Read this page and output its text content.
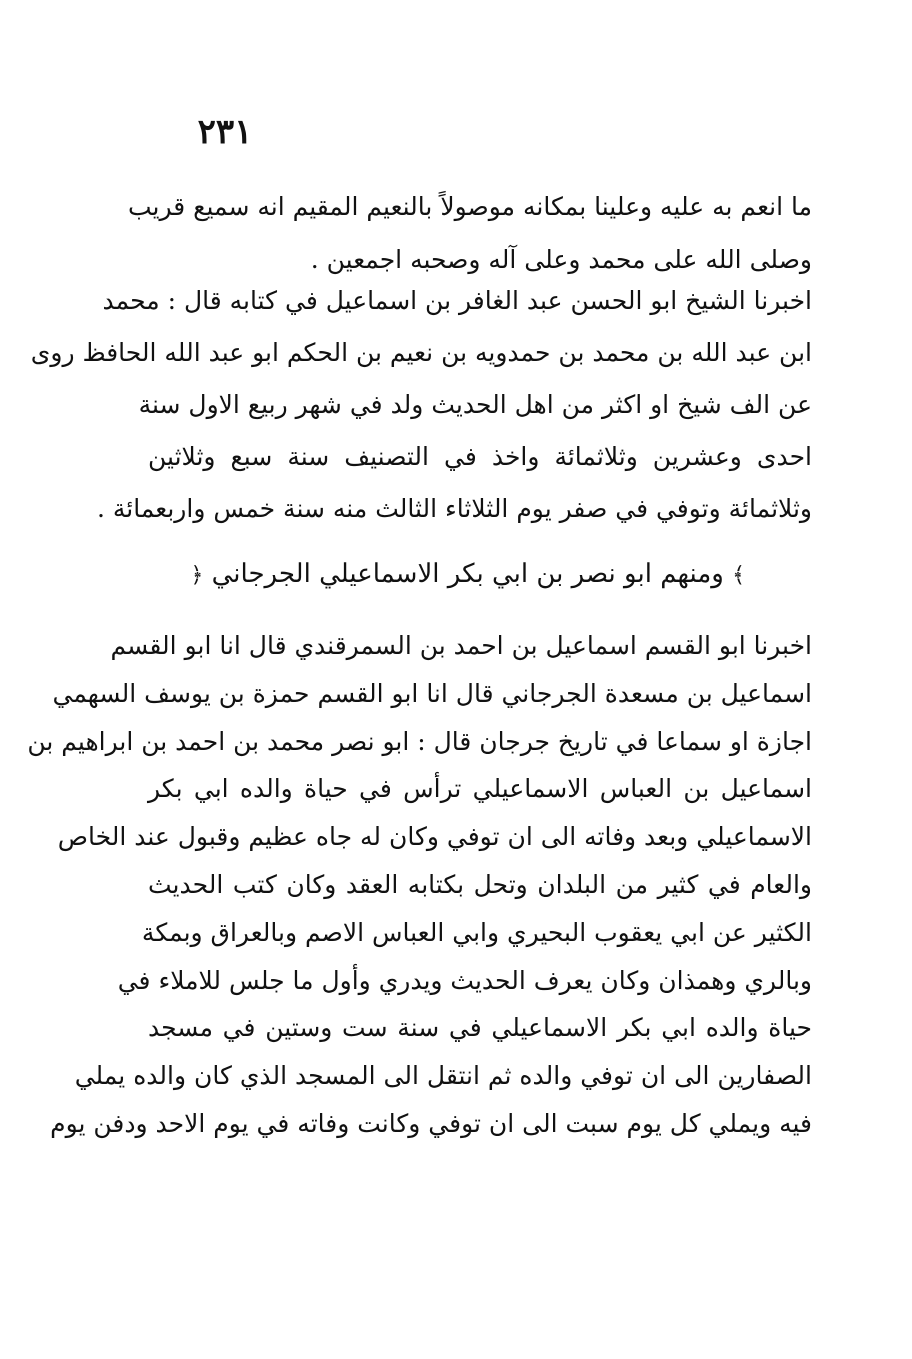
٢٣١
ما انعم به عليه وعلينا بمكانه موصولاً بالنعيم المقيم انه سميع قريب
وصلى الله على محمد وعلى آله وصحبه اجمعين .
اخبرنا الشيخ ابو الحسن عبد الغافر بن اسماعيل في كتابه قال : محمد
ابن عبد الله بن محمد بن حمدويه بن نعيم بن الحكم ابو عبد الله الحافظ روى
عن الف شيخ او اكثر من اهل الحديث ولد في شهر ربيع الاول سنة
احدى وعشرين وثلاثمائة واخذ في التصنيف سنة سبع وثلاثين
وثلاثمائة وتوفي في صفر يوم الثلاثاء الثالث منه سنة خمس واربعمائة .
﴾ ومنهم ابو نصر بن ابي بكر الاسماعيلي الجرجاني ﴿
اخبرنا ابو القسم اسماعيل بن احمد بن السمرقندي قال انا ابو القسم
اسماعيل بن مسعدة الجرجاني قال انا ابو القسم حمزة بن يوسف السهمي
اجازة او سماعا في تاريخ جرجان قال : ابو نصر محمد بن احمد بن ابراهيم بن
اسماعيل بن العباس الاسماعيلي ترأس في حياة والده ابي بكر
الاسماعيلي وبعد وفاته الى ان توفي وكان له جاه عظيم وقبول عند الخاص
والعام في كثير من البلدان وتحل بكتابه العقد وكان كتب الحديث
الكثير عن ابي يعقوب البحيري وابي العباس الاصم وبالعراق وبمكة
وبالري وهمذان وكان يعرف الحديث ويدري وأول ما جلس للاملاء في
حياة والده ابي بكر الاسماعيلي في سنة ست وستين في مسجد
الصفارين الى ان توفي والده ثم انتقل الى المسجد الذي كان والده يملي
فيه ويملي كل يوم سبت الى ان توفي وكانت وفاته في يوم الاحد ودفن يوم
